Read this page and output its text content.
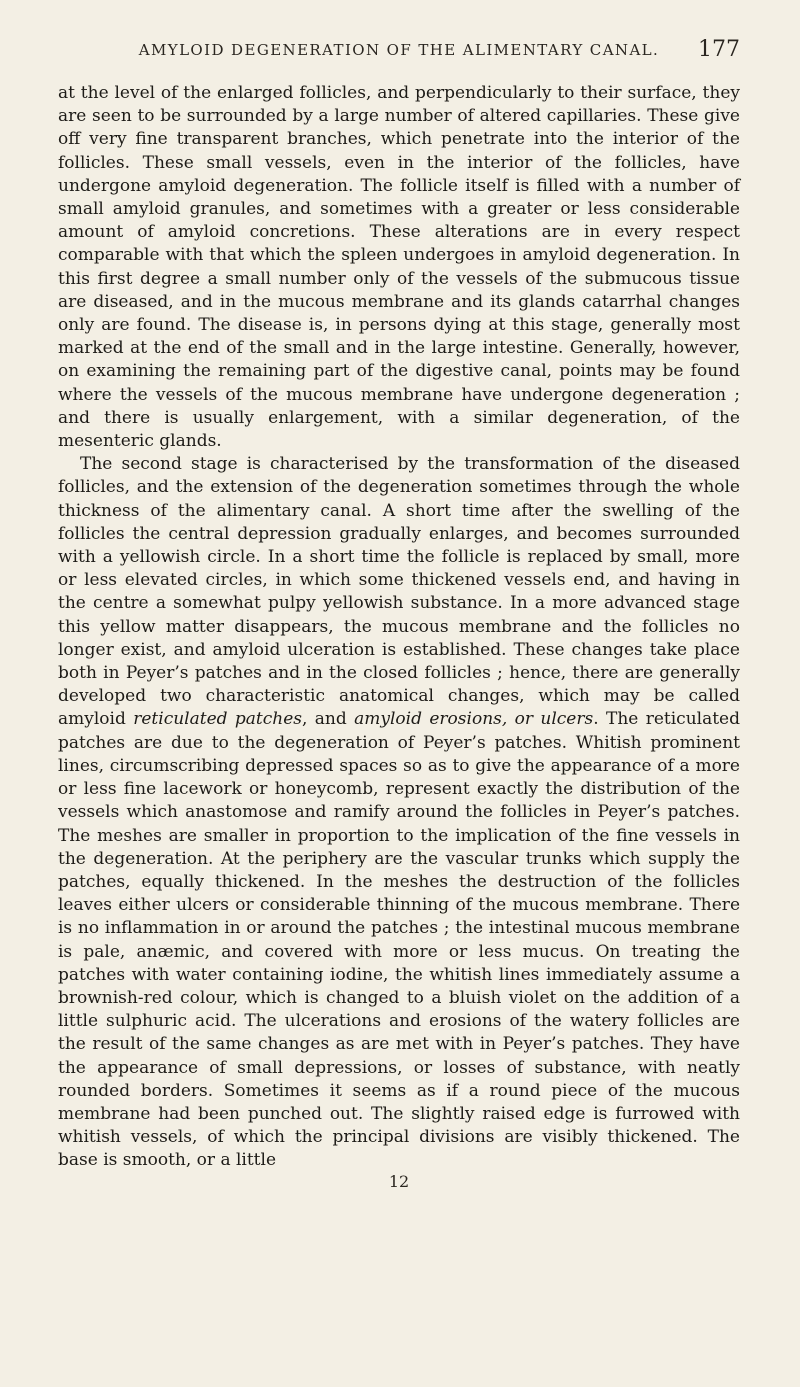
AMYLOID DEGENERATION OF THE ALIMENTARY CANAL. 177

at the level of the enlarged follicles, and perpendicularly to their surface, they are seen to be surrounded by a large number of altered capillaries. These give off very fine transparent branches, which penetrate into the interior of the follicles. These small vessels, even in the interior of the follicles, have undergone amyloid degeneration. The follicle itself is filled with a number of small amyloid granules, and sometimes with a greater or less considerable amount of amyloid concretions. These alterations are in every respect comparable with that which the spleen undergoes in amyloid degeneration. In this first degree a small number only of the vessels of the submucous tissue are diseased, and in the mucous membrane and its glands catarrhal changes only are found. The disease is, in persons dying at this stage, generally most marked at the end of the small and in the large intestine. Generally, however, on examining the remaining part of the digestive canal, points may be found where the vessels of the mucous membrane have undergone degeneration ; and there is usually enlargement, with a similar degeneration, of the mesenteric glands.

The second stage is characterised by the transformation of the diseased follicles, and the extension of the degeneration sometimes through the whole thickness of the alimentary canal. A short time after the swelling of the follicles the central depression gradually enlarges, and becomes surrounded with a yellowish circle. In a short time the follicle is replaced by small, more or less elevated circles, in which some thickened vessels end, and having in the centre a somewhat pulpy yellowish substance. In a more advanced stage this yellow matter disappears, the mucous membrane and the follicles no longer exist, and amyloid ulceration is established. These changes take place both in Peyer’s patches and in the closed follicles ; hence, there are generally developed two characteristic anatomical changes, which may be called amyloid reticulated patches, and amyloid erosions, or ulcers. The reticulated patches are due to the degeneration of Peyer’s patches. Whitish prominent lines, circumscribing depressed spaces so as to give the appearance of a more or less fine lacework or honeycomb, represent exactly the distribution of the vessels which anastomose and ramify around the follicles in Peyer’s patches. The meshes are smaller in proportion to the implication of the fine vessels in the degeneration. At the periphery are the vascular trunks which supply the patches, equally thickened. In the meshes the destruction of the follicles leaves either ulcers or considerable thinning of the mucous membrane. There is no inflammation in or around the patches ; the intestinal mucous membrane is pale, anæmic, and covered with more or less mucus. On treating the patches with water containing iodine, the whitish lines immediately assume a brownish-red colour, which is changed to a bluish violet on the addition of a little sulphuric acid. The ulcerations and erosions of the watery follicles are the result of the same changes as are met with in Peyer’s patches. They have the appearance of small depressions, or losses of substance, with neatly rounded borders. Sometimes it seems as if a round piece of the mucous membrane had been punched out. The slightly raised edge is furrowed with whitish vessels, of which the principal divisions are visibly thickened. The base is smooth, or a little

12
